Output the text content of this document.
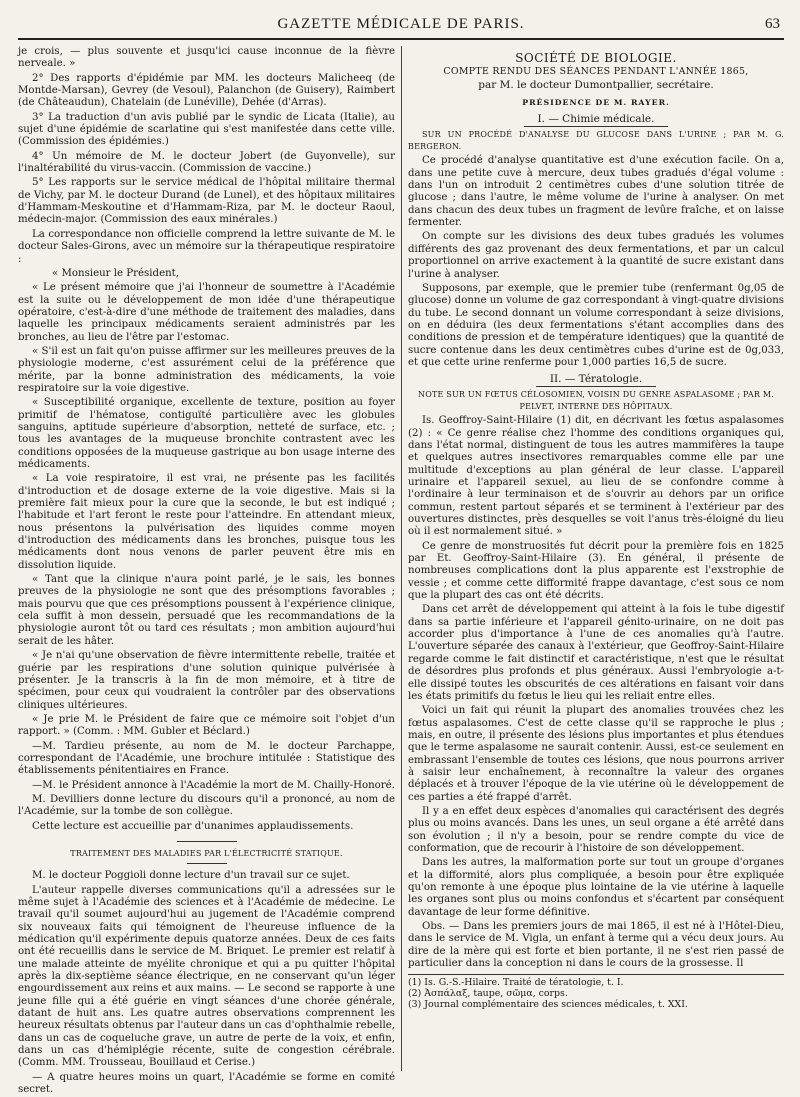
GAZETTE MÉDICALE DE PARIS.	63

je crois, — plus souvente et jusqu'ici cause inconnue de la fièvre nerveale. »

2° Des rapports d'épidémie par MM. les docteurs Malicheeq (de Montde-Marsan), Gevrey (de Vesoul), Palanchon (de Guisery), Raimbert (de Châteaudun), Chatelain (de Lunéville), Dehée (d'Arras).

3° La traduction d'un avis publié par le syndic de Licata (Italie), au sujet d'une épidémie de scarlatine qui s'est manifestée dans cette ville. (Commission des épidémies.)

4° Un mémoire de M. le docteur Jobert (de Guyonvelle), sur l'inaltérabilité du virus-vaccin. (Commission de vaccine.)

5° Les rapports sur le service médical de l'hôpital militaire thermal de Vichy, par M. le docteur Durand (de Lunel), et des hôpitaux militaires d'Hammam-Meskoutine et d'Hammam-Riza, par M. le docteur Raoul, médecin-major. (Commission des eaux minérales.)

La correspondance non officielle comprend la lettre suivante de M. le docteur Sales-Girons, avec un mémoire sur la thérapeutique respiratoire :

« Monsieur le Président,

« Le présent mémoire que j'ai l'honneur de soumettre à l'Académie est la suite ou le développement de mon idée d'une thérapeutique opératoire, c'est-à-dire d'une méthode de traitement des maladies, dans laquelle les principaux médicaments seraient administrés par les bronches, au lieu de l'être par l'estomac.

« S'il est un fait qu'on puisse affirmer sur les meilleures preuves de la physiologie moderne, c'est assurément celui de la préférence que mérite, par la bonne administration des médicaments, la voie respiratoire sur la voie digestive.

« Susceptibilité organique, excellente de texture, position au foyer primitif de l'hématose, contiguïté particulière avec les globules sanguins, aptitude supérieure d'absorption, netteté de surface, etc. ; tous les avantages de la muqueuse bronchite contrastent avec les conditions opposées de la muqueuse gastrique au bon usage interne des médicaments.

« La voie respiratoire, il est vrai, ne présente pas les facilités d'introduction et de dosage externe de la voie digestive. Mais si la première fait mieux pour la cure que la seconde, le but est indiqué ; l'habitude et l'art feront le reste pour l'atteindre. En attendant mieux, nous présentons la pulvérisation des liquides comme moyen d'introduction des médicaments dans les bronches, puisque tous les médicaments dont nous venons de parler peuvent être mis en dissolution liquide.

« Tant que la clinique n'aura point parlé, je le sais, les bonnes preuves de la physiologie ne sont que des présomptions favorables ; mais pourvu que que ces présomptions poussent à l'expérience clinique, cela suffit à mon dessein, persuadé que les recommandations de la physiologie auront tôt ou tard ces résultats ; mon ambition aujourd'hui serait de les hâter.

« Je n'ai qu'une observation de fièvre intermittente rebelle, traitée et guérie par les respirations d'une solution quinique pulvérisée à présenter. Je la transcris à la fin de mon mémoire, et à titre de spécimen, pour ceux qui voudraient la contrôler par des observations cliniques ultérieures.

« Je prie M. le Président de faire que ce mémoire soit l'objet d'un rapport. » (Comm. : MM. Gubler et Béclard.)

—M. Tardieu présente, au nom de M. le docteur Parchappe, correspondant de l'Académie, une brochure intitulée : Statistique des établissements pénitentiaires en France.

—M. le Président annonce à l'Académie la mort de M. Chailly-Honoré.

M. Devilliers donne lecture du discours qu'il a prononcé, au nom de l'Académie, sur la tombe de son collègue.

Cette lecture est accueillie par d'unanimes applaudissements.

TRAITEMENT DES MALADIES PAR L'ÉLECTRICITÉ STATIQUE.

M. le docteur Poggioli donne lecture d'un travail sur ce sujet.

L'auteur rappelle diverses communications qu'il a adressées sur le même sujet à l'Académie des sciences et à l'Académie de médecine. Le travail qu'il soumet aujourd'hui au jugement de l'Académie comprend six nouveaux faits qui témoignent de l'heureuse influence de la médication qu'il expérimente depuis quatorze années. Deux de ces faits ont été recueillis dans le service de M. Briquet. Le premier est relatif à une malade atteinte de myélite chronique et qui a pu quitter l'hôpital après la dix-septième séance électrique, en ne conservant qu'un léger engourdissement aux reins et aux mains. — Le second se rapporte à une jeune fille qui a été guérie en vingt séances d'une chorée générale, datant de huit ans. Les quatre autres observations comprennent les heureux résultats obtenus par l'auteur dans un cas d'ophthalmie rebelle, dans un cas de coqueluche grave, un autre de perte de la voix, et enfin, dans un cas d'hémiplégie récente, suite de congestion cérébrale. (Comm. MM. Trousseau, Bouillaud et Cerise.)

— A quatre heures moins un quart, l'Académie se forme en comité secret.

SOCIÉTÉ DE BIOLOGIE.
COMPTE RENDU DES SÉANCES PENDANT L'ANNÉE 1865,
par M. le docteur Dumontpallier, secrétaire.
PRÉSIDENCE DE M. RAYER.
I. — Chimie médicale.

SUR UN PROCÉDÉ D'ANALYSE DU GLUCOSE DANS L'URINE ; PAR M. G. BERGERON.

Ce procédé d'analyse quantitative est d'une exécution facile. On a, dans une petite cuve à mercure, deux tubes gradués d'égal volume : dans l'un on introduit 2 centimètres cubes d'une solution titrée de glucose ; dans l'autre, le même volume de l'urine à analyser. On met dans chacun des deux tubes un fragment de levûre fraîche, et on laisse fermenter.

On compte sur les divisions des deux tubes gradués les volumes différents des gaz provenant des deux fermentations, et par un calcul proportionnel on arrive exactement à la quantité de sucre existant dans l'urine à analyser.

Supposons, par exemple, que le premier tube (renfermant 0g,05 de glucose) donne un volume de gaz correspondant à vingt-quatre divisions du tube. Le second donnant un volume correspondant à seize divisions, on en déduira (les deux fermentations s'étant accomplies dans des conditions de pression et de température identiques) que la quantité de sucre contenue dans les deux centimètres cubes d'urine est de 0g,033, et que cette urine renferme pour 1,000 parties 16,5 de sucre.

II. — Tératologie.

NOTE SUR UN FŒTUS CÉLOSOMIEN, VOISIN DU GENRE ASPALASOME ; PAR M. PELVET, INTERNE DES HÔPITAUX.

Is. Geoffroy-Saint-Hilaire (1) dit, en décrivant les fœtus aspalasomes (2) : « Ce genre réalise chez l'homme des conditions organiques qui, dans l'état normal, distinguent de tous les autres mammifères la taupe et quelques autres insectivores remarquables comme elle par une multitude d'exceptions au plan général de leur classe. L'appareil urinaire et l'appareil sexuel, au lieu de se confondre comme à l'ordinaire à leur terminaison et de s'ouvrir au dehors par un orifice commun, restent partout séparés et se terminent à l'extérieur par des ouvertures distinctes, près desquelles se voit l'anus très-éloigné du lieu où il est normalement situé. »

Ce genre de monstruosités fut décrit pour la première fois en 1825 par Et. Geoffroy-Saint-Hilaire (3). En général, il présente de nombreuses complications dont la plus apparente est l'exstrophie de vessie ; et comme cette difformité frappe davantage, c'est sous ce nom que la plupart des cas ont été décrits.

Dans cet arrêt de développement qui atteint à la fois le tube digestif dans sa partie inférieure et l'appareil génito-urinaire, on ne doit pas accorder plus d'importance à l'une de ces anomalies qu'à l'autre. L'ouverture séparée des canaux à l'extérieur, que Geoffroy-Saint-Hilaire regarde comme le fait distinctif et caractéristique, n'est que le résultat de désordres plus profonds et plus généraux. Aussi l'embryologie a-t-elle dissipé toutes les obscurités de ces altérations en faisant voir dans les états primitifs du fœtus le lieu qui les reliait entre elles.

Voici un fait qui réunit la plupart des anomalies trouvées chez les fœtus aspalasomes. C'est de cette classe qu'il se rapproche le plus ; mais, en outre, il présente des lésions plus importantes et plus étendues que le terme aspalasome ne saurait contenir. Aussi, est-ce seulement en embrassant l'ensemble de toutes ces lésions, que nous pourrons arriver à saisir leur enchaînement, à reconnaître la valeur des organes déplacés et à trouver l'époque de la vie utérine où le développement de ces parties a été frappé d'arrêt.

Il y a en effet deux espèces d'anomalies qui caractérisent des degrés plus ou moins avancés. Dans les unes, un seul organe a été arrêté dans son évolution ; il n'y a besoin, pour se rendre compte du vice de conformation, que de recourir à l'histoire de son développement.

Dans les autres, la malformation porte sur tout un groupe d'organes et la difformité, alors plus compliquée, a besoin pour être expliquée qu'on remonte à une époque plus lointaine de la vie utérine à laquelle les organes sont plus ou moins confondus et s'écartent par conséquent davantage de leur forme définitive.

Obs. — Dans les premiers jours de mai 1865, il est né à l'Hôtel-Dieu, dans le service de M. Vigla, un enfant à terme qui a vécu deux jours. Au dire de la mère qui est forte et bien portante, il ne s'est rien passé de particulier dans la conception ni dans le cours de la grossesse. Il

(1) Is. G.-S.-Hilaire. Traité de tératologie, t. I.
(2) Ἀσπάλαξ, taupe, σῶμα, corps.
(3) Journal complémentaire des sciences médicales, t. XXI.
